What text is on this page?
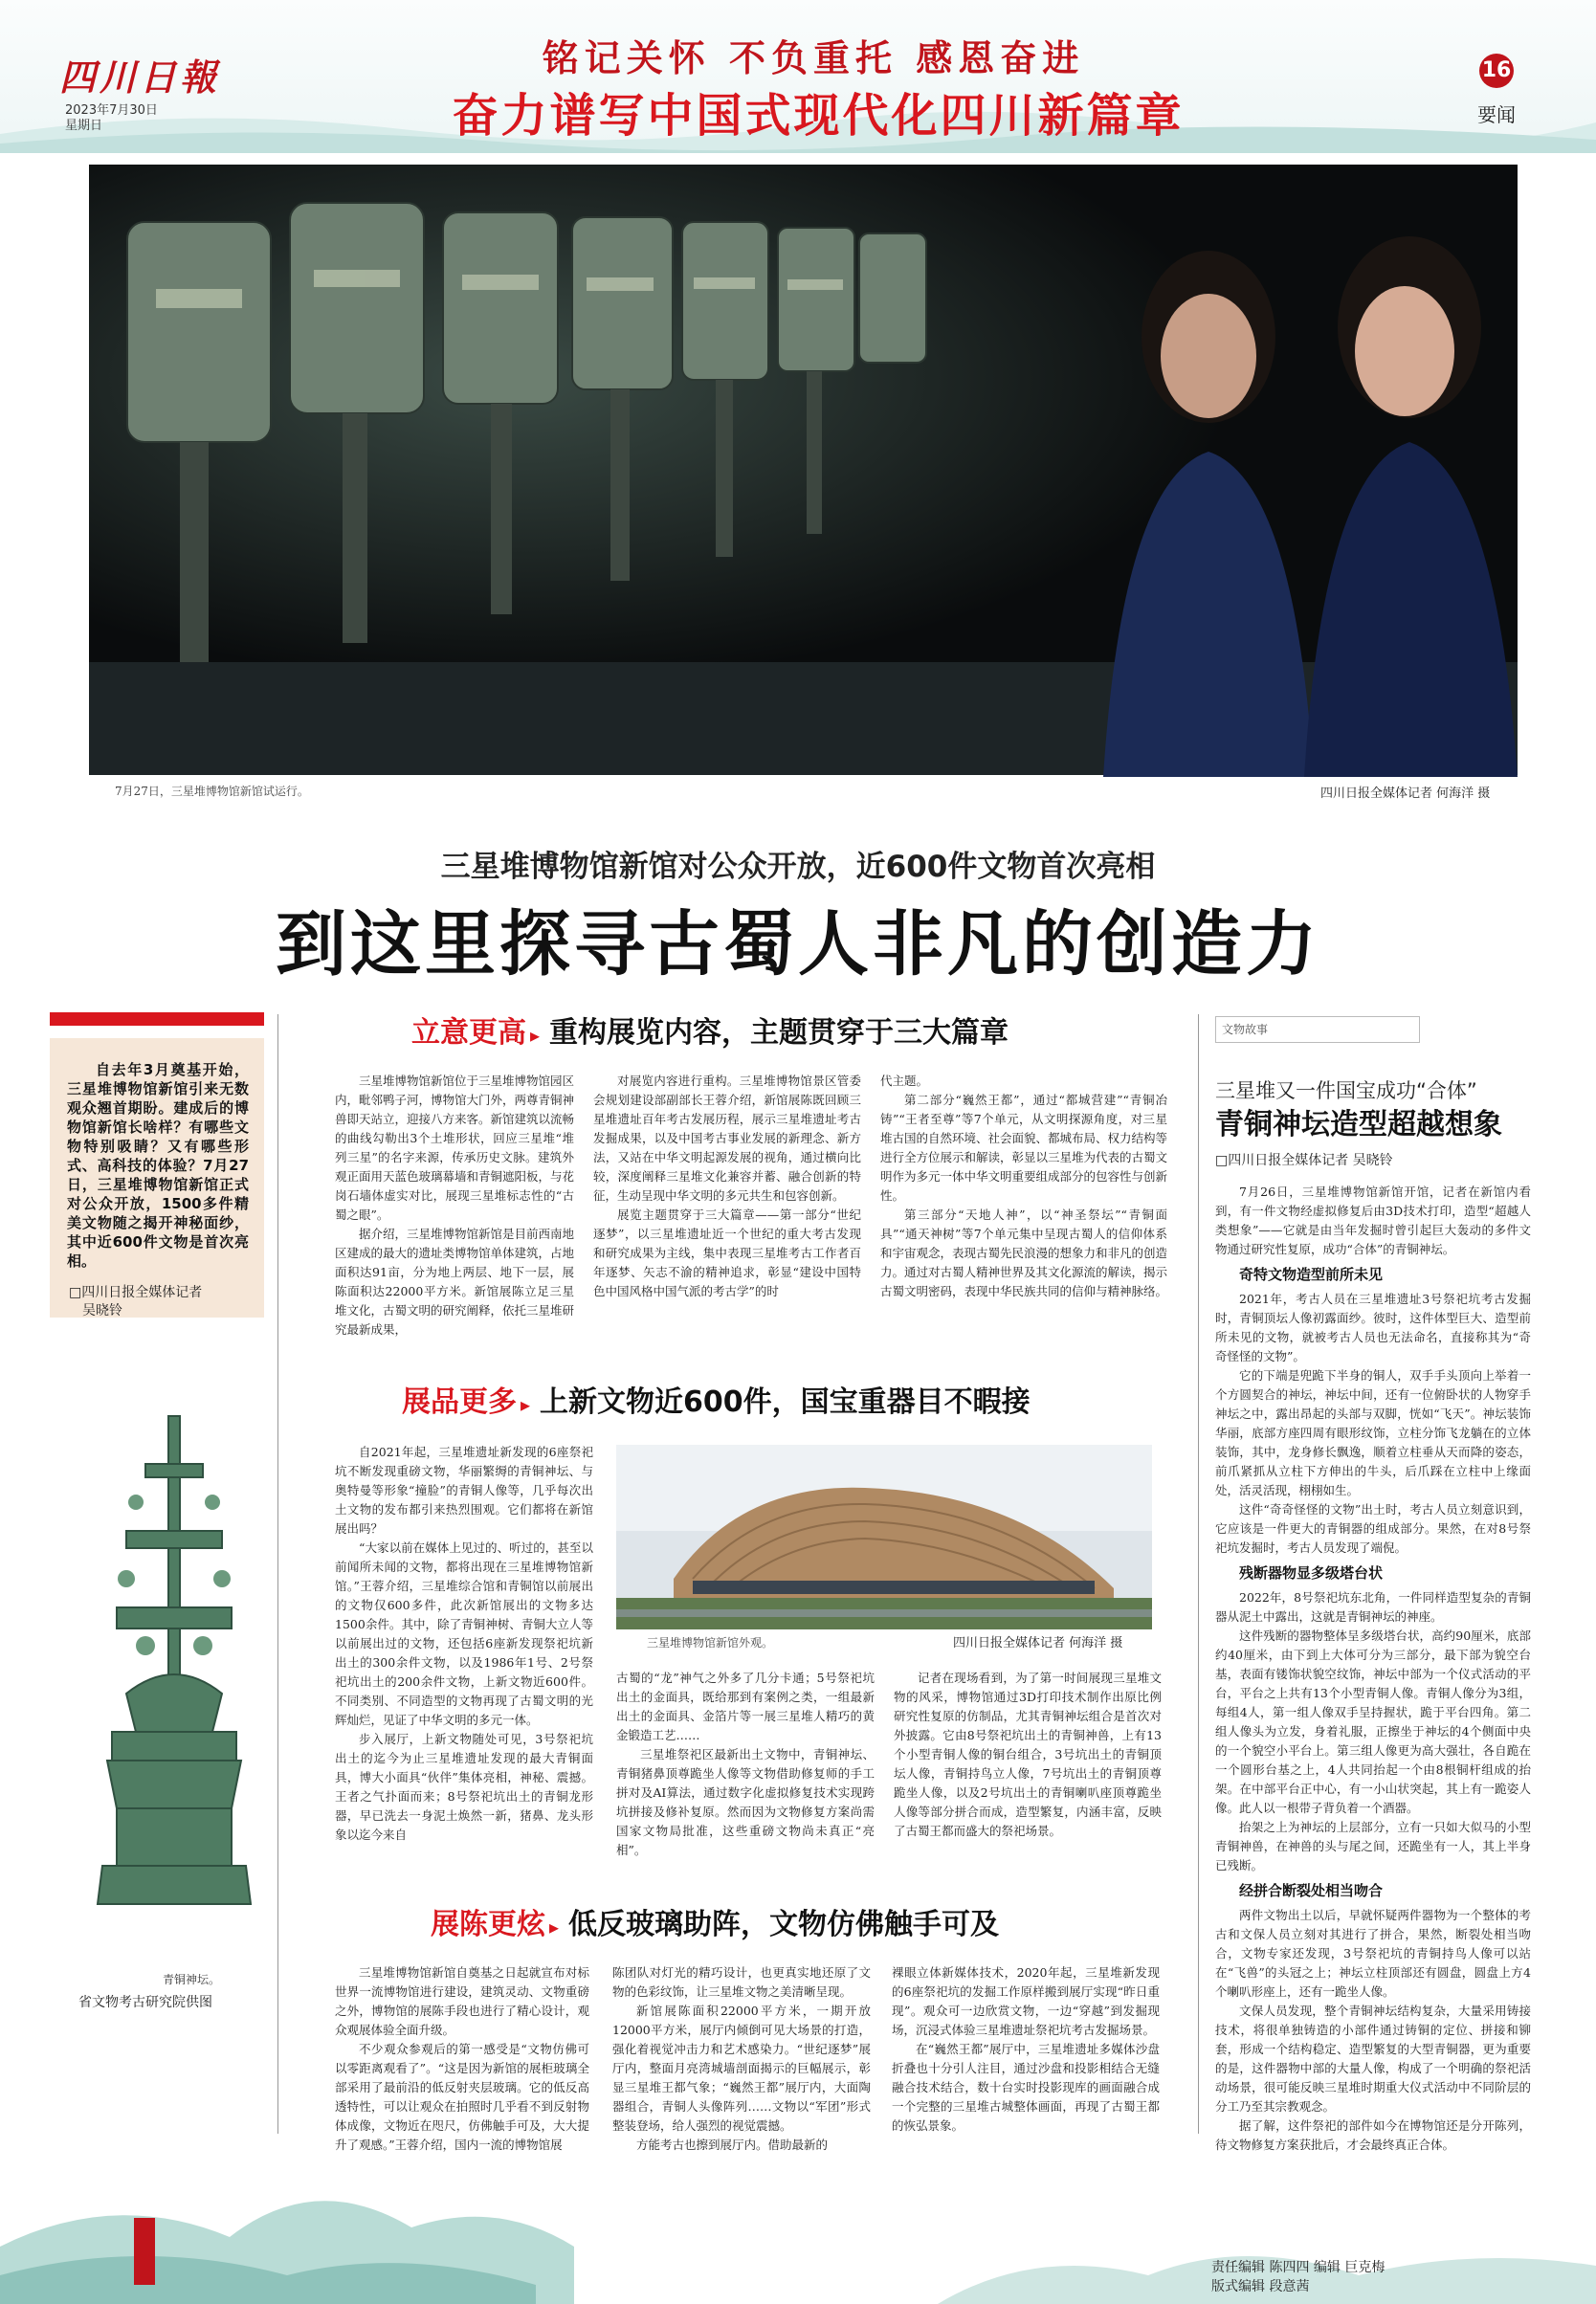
四川日報
2023年7月30日
星期日
铭记关怀 不负重托 感恩奋进
奋力谱写中国式现代化四川新篇章
16
要闻
7月27日，三星堆博物馆新馆试运行。	四川日报全媒体记者 何海洋 摄
三星堆博物馆新馆对公众开放，近600件文物首次亮相
到这里探寻古蜀人非凡的创造力
自去年3月奠基开始，三星堆博物馆新馆引来无数观众翘首期盼。建成后的博物馆新馆长啥样？有哪些文物特别吸睛？又有哪些形式、高科技的体验？7月27日，三星堆博物馆新馆正式对公众开放，1500多件精美文物随之揭开神秘面纱，其中近600件文物是首次亮相。
□四川日报全媒体记者
吴晓铃
立意更高 ▸ 重构展览内容，主题贯穿于三大篇章

三星堆博物馆新馆位于三星堆博物馆园区内，毗邻鸭子河，博物馆大门外，两尊青铜神兽即天站立，迎接八方来客。新馆建筑以流畅的曲线勾勒出3个土堆形状，回应三星堆“堆列三星”的名字来源，传承历史文脉。建筑外观正面用天蓝色玻璃幕墙和青铜遮阳板，与花岗石墙体虚实对比，展现三星堆标志性的“古蜀之眼”。

据介绍，三星堆博物馆新馆是目前西南地区建成的最大的遗址类博物馆单体建筑，占地面积达91亩，分为地上两层、地下一层，展陈面积达22000平方米。新馆展陈立足三星堆文化，古蜀文明的研究阐释，依托三星堆研究最新成果，

对展览内容进行重构。三星堆博物馆景区管委会规划建设部副部长王蓉介绍，新馆展陈既回顾三星堆遗址百年考古发展历程，展示三星堆遗址考古发掘成果，以及中国考古事业发展的新理念、新方法，又站在中华文明起源发展的视角，通过横向比较，深度阐释三星堆文化兼容并蓄、融合创新的特征，生动呈现中华文明的多元共生和包容创新。

展览主题贯穿于三大篇章——第一部分“世纪逐梦”，以三星堆遗址近一个世纪的重大考古发现和研究成果为主线，集中表现三星堆考古工作者百年逐梦、矢志不渝的精神追求，彰显“建设中国特色中国风格中国气派的考古学”的时

代主题。

第二部分“巍然王都”，通过“都城营建”“青铜冶铸”“王者至尊”等7个单元，从文明探源角度，对三星堆古国的自然环境、社会面貌、都城布局、权力结构等进行全方位展示和解读，彰显以三星堆为代表的古蜀文明作为多元一体中华文明重要组成部分的包容性与创新性。

第三部分“天地人神”，以“神圣祭坛”“青铜面具”“通天神树”等7个单元集中呈现古蜀人的信仰体系和宇宙观念，表现古蜀先民浪漫的想象力和非凡的创造力。通过对古蜀人精神世界及其文化源流的解读，揭示古蜀文明密码，表现中华民族共同的信仰与精神脉络。

展品更多 ▸ 上新文物近600件，国宝重器目不暇接

自2021年起，三星堆遗址新发现的6座祭祀坑不断发现重磅文物，华丽繁缛的青铜神坛、与奥特曼等形象“撞脸”的青铜人像等，几乎每次出土文物的发布都引来热烈围观。它们都将在新馆展出吗？

“大家以前在媒体上见过的、听过的，甚至以前闻所未闻的文物，都将出现在三星堆博物馆新馆。”王蓉介绍，三星堆综合馆和青铜馆以前展出的文物仅600多件，此次新馆展出的文物多达1500余件。其中，除了青铜神树、青铜大立人等以前展出过的文物，还包括6座新发现祭祀坑新出土的300余件文物，以及1986年1号、2号祭祀坑出土的200余件文物，上新文物近600件。不同类别、不同造型的文物再现了古蜀文明的光辉灿烂，见证了中华文明的多元一体。

步入展厅，上新文物随处可见，3号祭祀坑出土的迄今为止三星堆遗址发现的最大青铜面具，博大小面具“伙伴”集体亮相，神秘、震撼。王者之气扑面而来；8号祭祀坑出土的青铜龙形器，早已洗去一身泥土焕然一新，猪鼻、龙头形象以迄今来自

三星堆博物馆新馆外观。	四川日报全媒体记者 何海洋 摄

古蜀的“龙”神气之外多了几分卡通；5号祭祀坑出土的金面具，既给那到有案例之类，一组最新出土的金面具、金箔片等一展三星堆人精巧的黄金锻造工艺……

三星堆祭祀区最新出土文物中，青铜神坛、青铜猪鼻顶尊跪坐人像等文物借助修复师的手工拼对及AI算法，通过数字化虚拟修复技术实现跨坑拼接及修补复原。然而因为文物修复方案尚需国家文物局批准，这些重磅文物尚未真正“亮相”。

记者在现场看到，为了第一时间展现三星堆文物的风采，博物馆通过3D打印技术制作出原比例研究性复原的仿制品，尤其青铜神坛组合是首次对外披露。它由8号祭祀坑出土的青铜神兽，上有13个小型青铜人像的铜台组合，3号坑出土的青铜顶坛人像，青铜持鸟立人像，7号坑出土的青铜顶尊跪坐人像，以及2号坑出土的青铜喇叭座顶尊跪坐人像等部分拼合而成，造型繁复，内涵丰富，反映了古蜀王都而盛大的祭祀场景。

青铜神坛。
省文物考古研究院供图
展陈更炫 ▸ 低反玻璃助阵，文物仿佛触手可及

三星堆博物馆新馆自奠基之日起就宣布对标世界一流博物馆进行建设，建筑灵动、文物重磅之外，博物馆的展陈手段也进行了精心设计，观众观展体验全面升级。

不少观众参观后的第一感受是“文物仿佛可以零距离观看了”。“这是因为新馆的展柜玻璃全部采用了最前沿的低反射夹层玻璃。它的低反高透特性，可以让观众在拍照时几乎看不到反射物体成像，文物近在咫尺，仿佛触手可及，大大提升了观感。”王蓉介绍，国内一流的博物馆展

陈团队对灯光的精巧设计，也更真实地还原了文物的色彩纹饰，让三星堆文物之美清晰呈现。

新馆展陈面积22000平方米，一期开放12000平方米，展厅内倾倒可见大场景的打造，强化着视觉冲击力和艺术感染力。“世纪逐梦”展厅内，整面月亮湾城墙剖面揭示的巨幅展示，彰显三星堆王都气象；“巍然王都”展厅内，大面陶器组合，青铜人头像阵列……文物以“军团”形式整装登场，给人强烈的视觉震撼。

方能考古也擦到展厅内。借助最新的

裸眼立体新媒体技术，2020年起，三星堆新发现的6座祭祀坑的发掘工作原样搬到展厅实现“昨日重现”。观众可一边欣赏文物，一边“穿越”到发掘现场，沉浸式体验三星堆遗址祭祀坑考古发掘场景。

在“巍然王都”展厅中，三星堆遗址多媒体沙盘折叠也十分引人注目，通过沙盘和投影相结合无缝融合技术结合，数十台实时投影现库的画面融合成一个完整的三星堆古城整体画面，再现了古蜀王都的恢弘景象。

文物故事
三星堆又一件国宝成功“合体”
青铜神坛造型超越想象
□四川日报全媒体记者 吴晓铃

7月26日，三星堆博物馆新馆开馆，记者在新馆内看到，有一件文物经虚拟修复后由3D技术打印，造型“超越人类想象”——它就是由当年发掘时曾引起巨大轰动的多件文物通过研究性复原，成功“合体”的青铜神坛。

奇特文物造型前所未见

2021年，考古人员在三星堆遗址3号祭祀坑考古发掘时，青铜顶坛人像初露面纱。彼时，这件体型巨大、造型前所未见的文物，就被考古人员也无法命名，直接称其为“奇奇怪怪的文物”。

它的下端是兜跪下半身的铜人，双手手头顶向上举着一个方圆契合的神坛，神坛中间，还有一位俯卧状的人物穿手神坛之中，露出昂起的头部与双脚，恍如“飞天”。神坛装饰华丽，底部方座四周有眼形纹饰，立柱分饰飞龙躺在的立体装饰，其中，龙身修长飘逸，顺着立柱垂从天而降的姿态，前爪紧抓从立柱下方伸出的牛头，后爪踩在立柱中上缘面处，活灵活现，栩栩如生。

这件“奇奇怪怪的文物”出土时，考古人员立刻意识到，它应该是一件更大的青铜器的组成部分。果然，在对8号祭祀坑发掘时，考古人员发现了端倪。

残断器物显多级塔台状

2022年，8号祭祀坑东北角，一件同样造型复杂的青铜器从泥土中露出，这就是青铜神坛的神座。

这件残断的器物整体呈多级塔台状，高约90厘米，底部约40厘米，由下到上大体可分为三部分，最下部为貌空台基，表面有镂饰状貌空纹饰，神坛中部为一个仪式活动的平台，平台之上共有13个小型青铜人像。青铜人像分为3组，每组4人，第一组人像双手呈持握状，跪于平台四角。第二组人像头为立发，身着礼服，正擦坐于神坛的4个侧面中央的一个貌空小平台上。第三组人像更为高大强壮，各自跪在一个圆形台基之上，4人共同抬起一个由8根铜杆组成的抬架。在中部平台正中心，有一小山状突起，其上有一跪姿人像。此人以一根带子背负着一个酒器。

抬架之上为神坛的上层部分，立有一只如大似马的小型青铜神兽，在神兽的头与尾之间，还跪坐有一人，其上半身已残断。

经拼合断裂处相当吻合

两件文物出土以后，早就怀疑两件器物为一个整体的考古和文保人员立刻对其进行了拼合，果然，断裂处相当吻合，文物专家还发现，3号祭祀坑的青铜持鸟人像可以站在“飞兽”的头冠之上；神坛立柱顶部还有圆盘，圆盘上方4个喇叭形座上，还有一跪坐人像。

文保人员发现，整个青铜神坛结构复杂，大量采用铸接技术，将很单独铸造的小部件通过铸铜的定位、拼接和铆套，形成一个结构稳定、造型繁复的大型青铜器，更为重要的是，这件器物中部的大量人像，构成了一个明确的祭祀活动场景，很可能反映三星堆时期重大仪式活动中不同阶层的分工乃至其宗教观念。

据了解，这件祭祀的部件如今在博物馆还是分开陈列，待文物修复方案获批后，才会最终真正合体。

责任编辑 陈四四 编辑 巨克梅
版式编辑 段意茜
